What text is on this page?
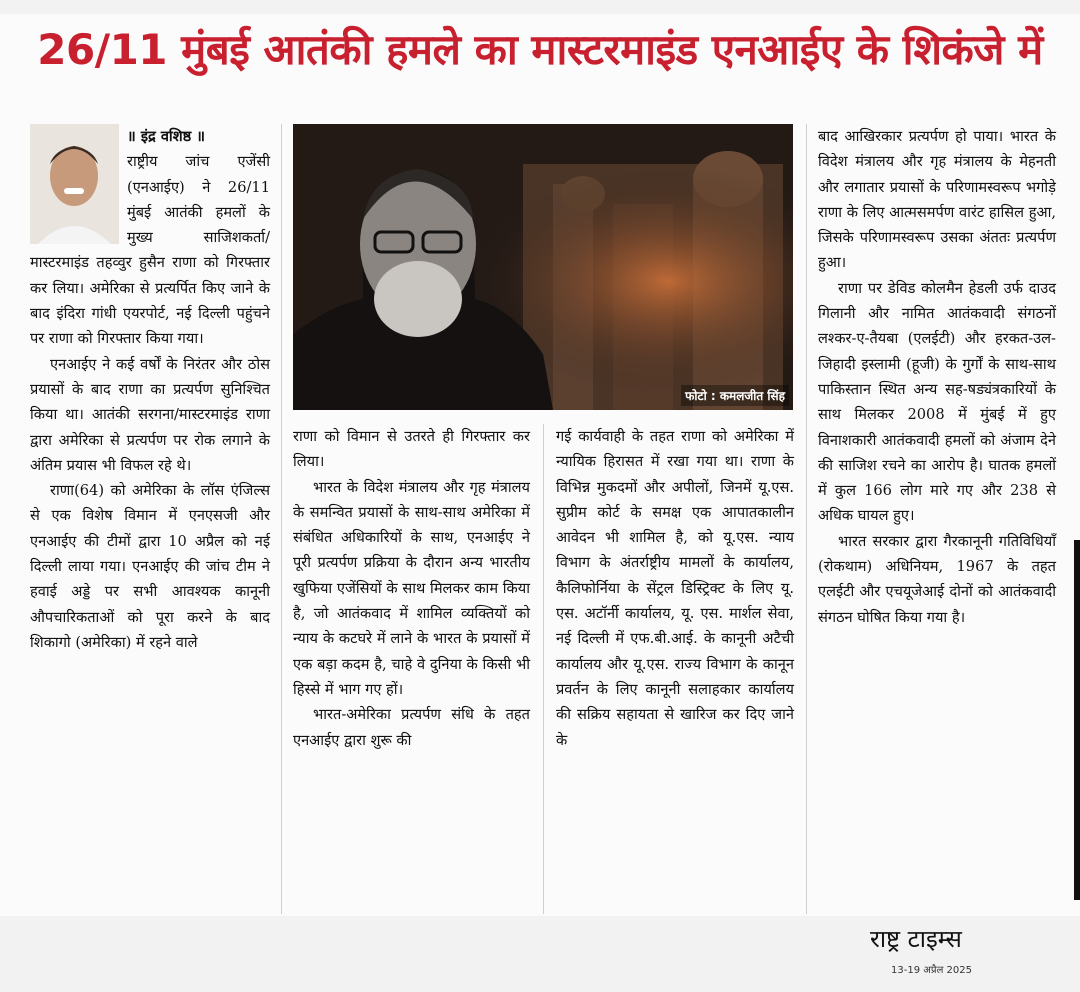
26/11 मुंबई आतंकी हमले का मास्टरमाइंड एनआईए के शिकंजे में

॥ इंद्र वशिष्ठ ॥

राष्ट्रीय जांच एजेंसी (एनआईए) ने 26/11 मुंबई आतंकी हमलों के मुख्य साजिशकर्ता/मास्टरमाइंड तहव्वुर हुसैन राणा को गिरफ्तार कर लिया। अमेरिका से प्रत्यर्पित किए जाने के बाद इंदिरा गांधी एयरपोर्ट, नई दिल्ली पहुंचने पर राणा को गिरफ्तार किया गया।

एनआईए ने कई वर्षों के निरंतर और ठोस प्रयासों के बाद राणा का प्रत्यर्पण सुनिश्चित किया था। आतंकी सरगना/मास्टरमाइंड राणा द्वारा अमेरिका से प्रत्यर्पण पर रोक लगाने के अंतिम प्रयास भी विफल रहे थे।

राणा(64) को अमेरिका के लॉस एंजिल्स से एक विशेष विमान में एनएसजी और एनआईए की टीमों द्वारा 10 अप्रैल को नई दिल्ली लाया गया। एनआईए की जांच टीम ने हवाई अड्डे पर सभी आवश्यक कानूनी औपचारिकताओं को पूरा करने के बाद शिकागो (अमेरिका) में रहने वाले

फोटो : कमलजीत सिंह

राणा को विमान से उतरते ही गिरफ्तार कर लिया।

भारत के विदेश मंत्रालय और गृह मंत्रालय के समन्वित प्रयासों के साथ-साथ अमेरिका में संबंधित अधिकारियों के साथ, एनआईए ने पूरी प्रत्यर्पण प्रक्रिया के दौरान अन्य भारतीय खुफिया एजेंसियों के साथ मिलकर काम किया है, जो आतंकवाद में शामिल व्यक्तियों को न्याय के कटघरे में लाने के भारत के प्रयासों में एक बड़ा कदम है, चाहे वे दुनिया के किसी भी हिस्से में भाग गए हों।

भारत-अमेरिका प्रत्यर्पण संधि के तहत एनआईए द्वारा शुरू की

गई कार्यवाही के तहत राणा को अमेरिका में न्यायिक हिरासत में रखा गया था। राणा के विभिन्न मुकदमों और अपीलों, जिनमें यू.एस. सुप्रीम कोर्ट के समक्ष एक आपातकालीन आवेदन भी शामिल है, को यू.एस. न्याय विभाग के अंतर्राष्ट्रीय मामलों के कार्यालय, कैलिफोर्निया के सेंट्रल डिस्ट्रिक्ट के लिए यू. एस. अटॉर्नी कार्यालय, यू. एस. मार्शल सेवा, नई दिल्ली में एफ.बी.आई. के कानूनी अटैची कार्यालय और यू.एस. राज्य विभाग के कानून प्रवर्तन के लिए कानूनी सलाहकार कार्यालय की सक्रिय सहायता से खारिज कर दिए जाने के

बाद आखिरकार प्रत्यर्पण हो पाया। भारत के विदेश मंत्रालय और गृह मंत्रालय के मेहनती और लगातार प्रयासों के परिणामस्वरूप भगोड़े राणा के लिए आत्मसमर्पण वारंट हासिल हुआ, जिसके परिणामस्वरूप उसका अंततः प्रत्यर्पण हुआ।

राणा पर डेविड कोलमैन हेडली उर्फ दाउद गिलानी और नामित आतंकवादी संगठनों लश्कर-ए-तैयबा (एलईटी) और हरकत-उल-जिहादी इस्लामी (हूजी) के गुर्गों के साथ-साथ पाकिस्तान स्थित अन्य सह-षड्यंत्रकारियों के साथ मिलकर 2008 में मुंबई में हुए विनाशकारी आतंकवादी हमलों को अंजाम देने की साजिश रचने का आरोप है। घातक हमलों में कुल 166 लोग मारे गए और 238 से अधिक घायल हुए।

भारत सरकार द्वारा गैरकानूनी गतिविधियाँ (रोकथाम) अधिनियम, 1967 के तहत एलईटी और एचयूजेआई दोनों को आतंकवादी संगठन घोषित किया गया है।

राष्ट्र टाइम्स
13-19 अप्रैल 2025
